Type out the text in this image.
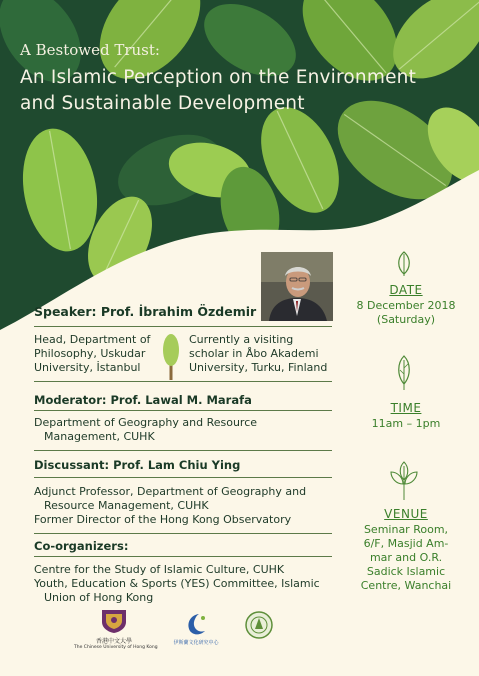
A Bestowed Trust:
An Islamic Perception on the Environment
and Sustainable Development
Speaker: Prof. İbrahim Özdemir
Head, Department of
Philosophy, Uskudar
University, İstanbul
Currently a visiting
scholar in Åbo Akademi
University, Turku, Finland
Moderator: Prof. Lawal M. Marafa
Department of Geography and Resource
Management, CUHK
Discussant: Prof. Lam Chiu Ying
Adjunct Professor, Department of Geography and
Resource Management, CUHK
Former Director of the Hong Kong Observatory
Co-organizers:
Centre for the Study of Islamic Culture, CUHK
Youth, Education & Sports (YES) Committee, Islamic
Union of Hong Kong
香港中文大學
The Chinese University of Hong Kong
伊斯蘭文化研究中心
DATE
8 December 2018
(Saturday)
TIME
11am – 1pm
VENUE
Seminar Room,
6/F, Masjid Am-
mar and O.R.
Sadick Islamic
Centre, Wanchai
